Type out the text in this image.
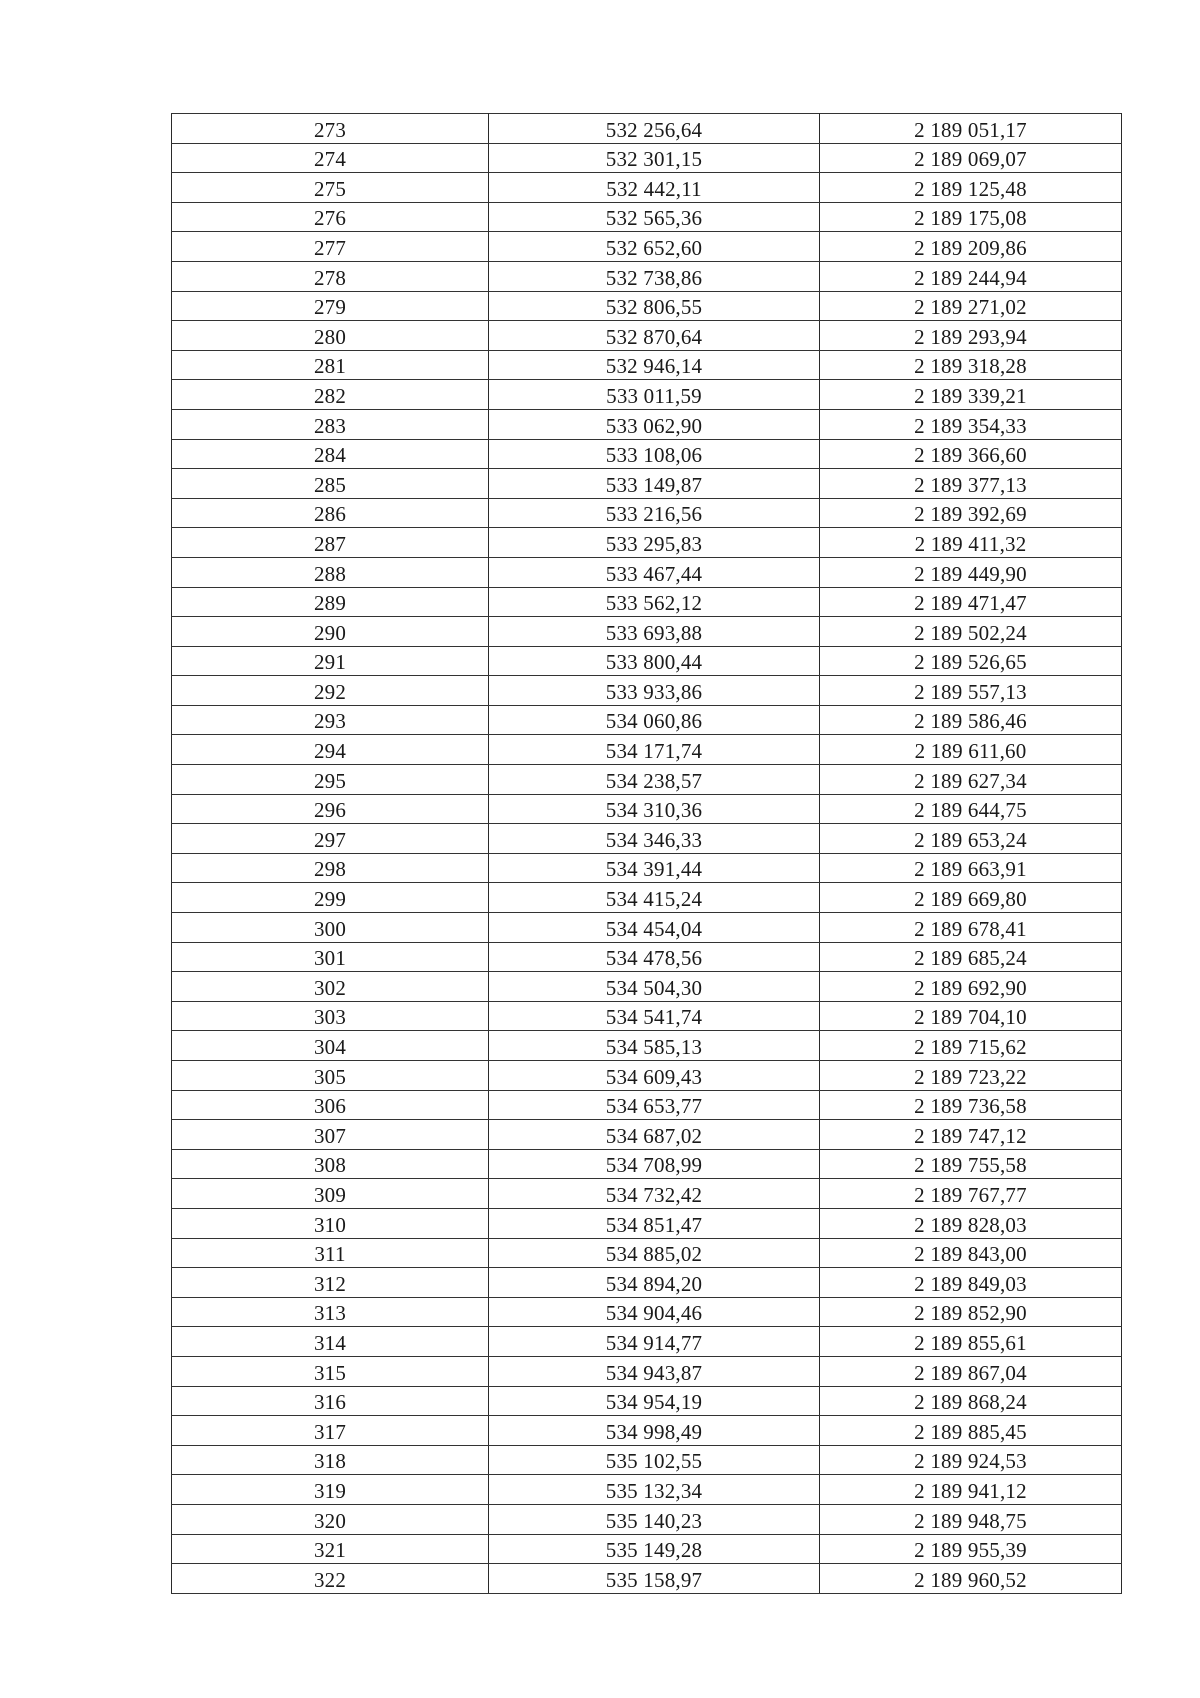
273	532 256,64	2 189 051,17
274	532 301,15	2 189 069,07
275	532 442,11	2 189 125,48
276	532 565,36	2 189 175,08
277	532 652,60	2 189 209,86
278	532 738,86	2 189 244,94
279	532 806,55	2 189 271,02
280	532 870,64	2 189 293,94
281	532 946,14	2 189 318,28
282	533 011,59	2 189 339,21
283	533 062,90	2 189 354,33
284	533 108,06	2 189 366,60
285	533 149,87	2 189 377,13
286	533 216,56	2 189 392,69
287	533 295,83	2 189 411,32
288	533 467,44	2 189 449,90
289	533 562,12	2 189 471,47
290	533 693,88	2 189 502,24
291	533 800,44	2 189 526,65
292	533 933,86	2 189 557,13
293	534 060,86	2 189 586,46
294	534 171,74	2 189 611,60
295	534 238,57	2 189 627,34
296	534 310,36	2 189 644,75
297	534 346,33	2 189 653,24
298	534 391,44	2 189 663,91
299	534 415,24	2 189 669,80
300	534 454,04	2 189 678,41
301	534 478,56	2 189 685,24
302	534 504,30	2 189 692,90
303	534 541,74	2 189 704,10
304	534 585,13	2 189 715,62
305	534 609,43	2 189 723,22
306	534 653,77	2 189 736,58
307	534 687,02	2 189 747,12
308	534 708,99	2 189 755,58
309	534 732,42	2 189 767,77
310	534 851,47	2 189 828,03
311	534 885,02	2 189 843,00
312	534 894,20	2 189 849,03
313	534 904,46	2 189 852,90
314	534 914,77	2 189 855,61
315	534 943,87	2 189 867,04
316	534 954,19	2 189 868,24
317	534 998,49	2 189 885,45
318	535 102,55	2 189 924,53
319	535 132,34	2 189 941,12
320	535 140,23	2 189 948,75
321	535 149,28	2 189 955,39
322	535 158,97	2 189 960,52
